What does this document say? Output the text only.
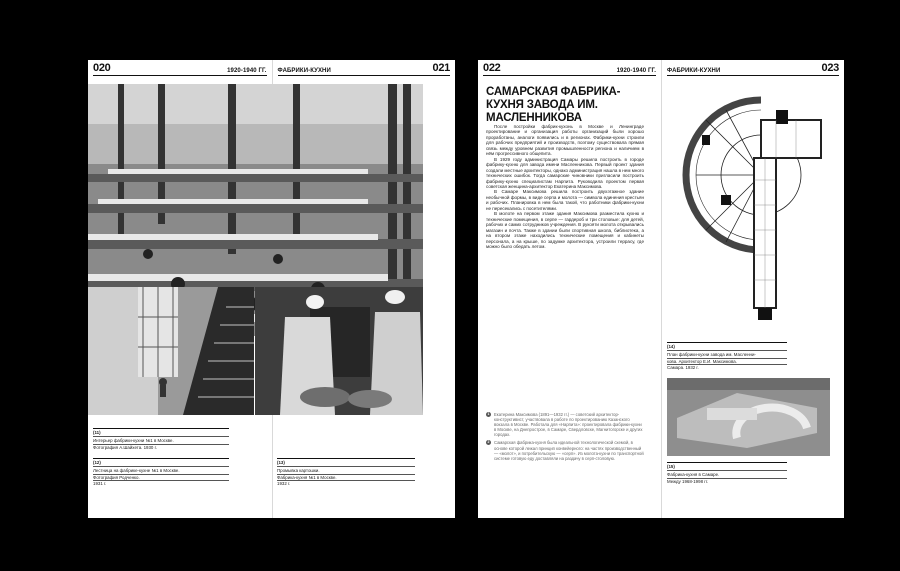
020	1920-1940 ГГ. ФАБРИКИ-КУХНИ	021
(11)
Интерьер фабрики-кухни №1 в Москве.
Фотография А.Шайхета. 1930 г.
(12)
Лестница на фабрике-кухне №1 в Москве.
Фотография Родченко.
1931 г.
(13)
Промывка картошки.
Фабрика-кухня №1 в Москве.
1932 г.
022	1920-1940 ГГ.
САМАРСКАЯ ФАБРИКА-КУХНЯ ЗАВОДА ИМ. МАСЛЕННИКОВА

После постройки фабрик-кухонь в Москве и Ленинграде проектирование и организация работы организаций были хорошо проработаны, аналоги появились и в регионах. Фабрики-кухни строили для рабочих предприятий и производств, поэтому существовала прямая связь между уровнем развития промышленности региона и наличием в нём прогрессивного общепита.

В 1929 году администрация Самары решила построить в городе фабрику-кухню для завода имени Масленникова. Первый проект здания создали местные архитекторы, однако администрация нашла в нем много технических ошибок. Тогда самарские чиновники пригласили построить фабрику-кухню специалистам Нарпита. Руководила проектом первая советская женщина-архитектор Екатерина Максимова.

В Самаре Максимова решила построить двухэтажное здание необычной формы, в виде серпа и молота — символа единения крестьян и рабочих. Планировка в нем была такой, что работники фабрики-кухни не пересекались с посетителями.

В молоте на первом этаже здания Максимова разместила кухню и технические помещения, в серпе — гардероб и три столовые: для детей, рабочих и самих сотрудников учреждения. В рукояти молота открывались магазин и почта. Также в здании были спортивная школа, библиотека, а на втором этаже находились технические помещения и кабинеты персонала, а на крыше, по задумке архитектора, устроили террасу, где можно было обедать летом.

1	Екатерина Максимова (1891—1932 гг.) — советский архитектор-конструктивист, участвовала в работе по проектированию Казанского вокзала в Москве. Работала для «Нарпита»: проектировала фабрики-кухни в Москве, на Днепрострое, в Самаре, Свердловске, Магнитогорске и других городах.
2	Самарская фабрика-кухня была идеальной технологической схемой, в основе которой лежал принцип конвейерного: на частях производственный — «молот», и потребительскую — «серп». Из молота-кухни по транспортной системе готовую еду доставляли на раздачу в серп-столовую.
ФАБРИКИ-КУХНИ	023
(14)
План фабрики-кухни завода им. Масленни-
кова. Архитектор Е.И. Максимова.
Самара. 1932 г.
(15)
Фабрика-кухня в Самаре.
Между 1968-1998 гг.
